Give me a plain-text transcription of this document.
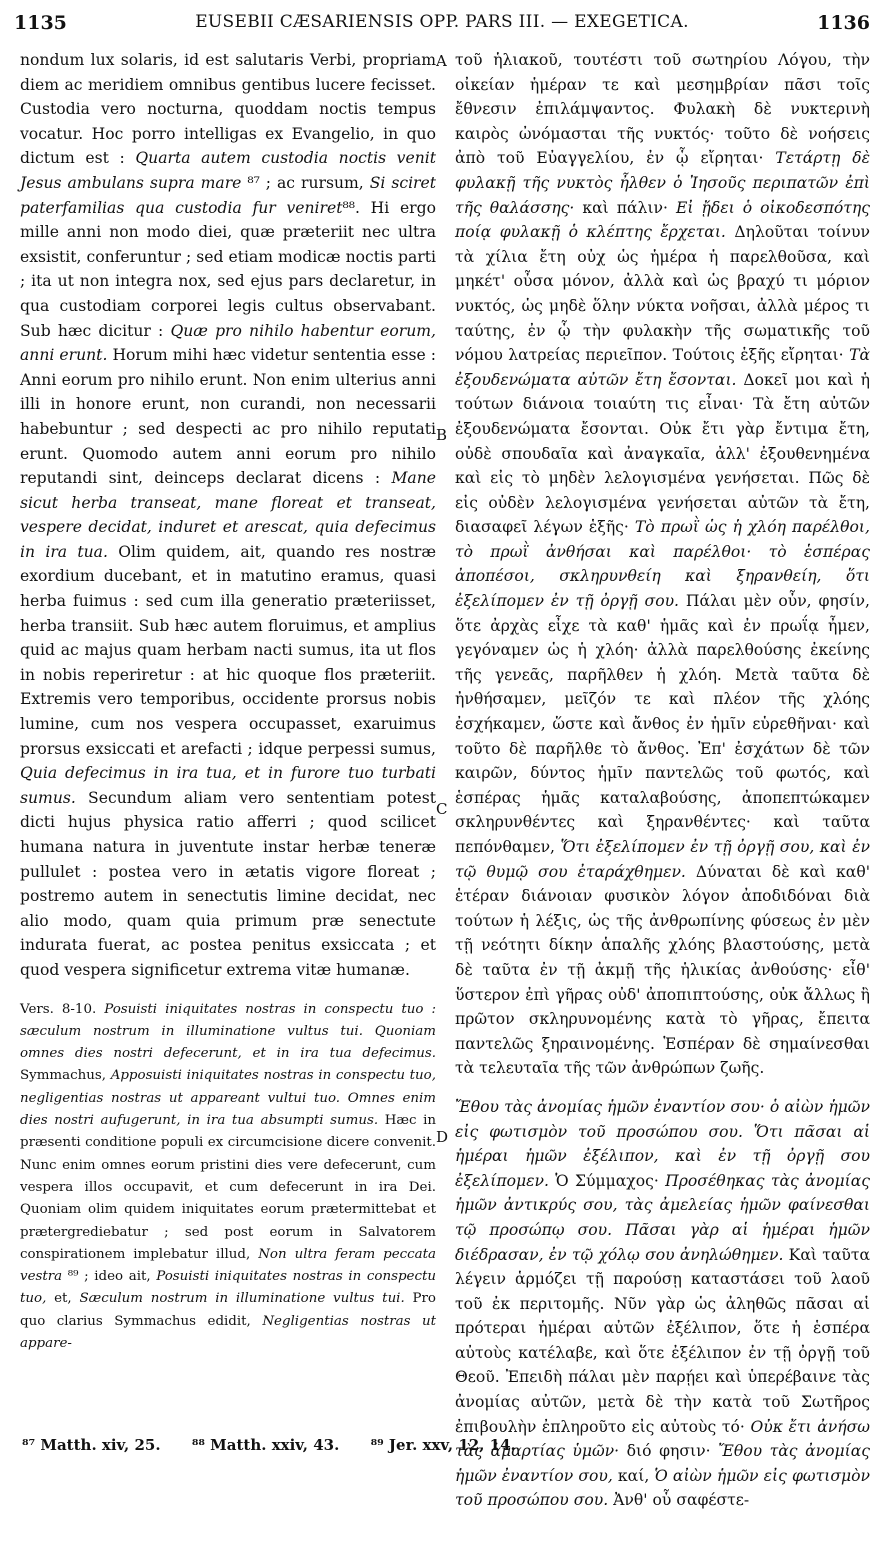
1135	EUSEBII CÆSARIENSIS OPP. PARS III. — EXEGETICA.	1136

nondum lux solaris, id est salutaris Verbi, propriam diem ac meridiem omnibus gentibus lucere fecisset. Custodia vero nocturna, quoddam noctis tempus vocatur. Hoc porro intelligas ex Evangelio, in quo dictum est : Quarta autem custodia noctis venit Jesus ambulans supra mare ⁸⁷ ; ac rursum, Si sciret paterfamilias qua custodia fur veniret⁸⁸. Hi ergo mille anni non modo diei, quæ præteriit nec ultra exsistit, conferuntur ; sed etiam modicæ noctis parti ; ita ut non integra nox, sed ejus pars declaretur, in qua custodiam corporei legis cultus observabant. Sub hæc dicitur : Quæ pro nihilo habentur eorum, anni erunt. Horum mihi hæc videtur sententia esse : Anni eorum pro nihilo erunt. Non enim ulterius anni illi in honore erunt, non curandi, non necessarii habebuntur ; sed despecti ac pro nihilo reputati erunt. Quomodo autem anni eorum pro nihilo reputandi sint, deinceps declarat dicens : Mane sicut herba transeat, mane floreat et transeat, vespere decidat, induret et arescat, quia defecimus in ira tua. Olim quidem, ait, quando res nostræ exordium ducebant, et in matutino eramus, quasi herba fuimus : sed cum illa generatio præteriisset, herba transiit. Sub hæc autem floruimus, et amplius quid ac majus quam herbam nacti sumus, ita ut flos in nobis reperiretur : at hic quoque flos præteriit. Extremis vero temporibus, occidente prorsus nobis lumine, cum nos vespera occupasset, exaruimus prorsus exsiccati et arefacti ; idque perpessi sumus, Quia defecimus in ira tua, et in furore tuo turbati sumus. Secundum aliam vero sententiam potest dicti hujus physica ratio afferri ; quod scilicet humana natura in juventute instar herbæ teneræ pullulet : postea vero in ætatis vigore floreat ; postremo autem in senectutis limine decidat, nec alio modo, quam quia primum præ senectute indurata fuerat, ac postea penitus exsiccata ; et quod vespera significetur extrema vitæ humanæ.

Vers. 8-10. Posuisti iniquitates nostras in conspectu tuo : sæculum nostrum in illuminatione vultus tui. Quoniam omnes dies nostri defecerunt, et in ira tua defecimus. Symmachus, Apposuisti iniquitates nostras in conspectu tuo, negligentias nostras ut appareant vultui tuo. Omnes enim dies nostri aufugerunt, in ira tua absumpti sumus. Hæc in præsenti conditione populi ex circumcisione dicere convenit. Nunc enim omnes eorum pristini dies vere defecerunt, cum vespera illos occupavit, et cum defecerunt in ira Dei. Quoniam olim quidem iniquitates eorum prætermittebat et prætergrediebatur ; sed post eorum in Salvatorem conspirationem implebatur illud, Non ultra feram peccata vestra ⁸⁹ ; ideo ait, Posuisti iniquitates nostras in conspectu tuo, et, Sæculum nostrum in illuminatione vultus tui. Pro quo clarius Symmachus edidit, Negligentias nostras ut appare-

τοῦ ἡλιακοῦ, τουτέστι τοῦ σωτηρίου Λόγου, τὴν οἰκείαν ἡμέραν τε καὶ μεσημβρίαν πᾶσι τοῖς ἔθνεσιν ἐπιλάμψαντος. Φυλακὴ δὲ νυκτερινὴ καιρὸς ὠνόμασται τῆς νυκτός· τοῦτο δὲ νοήσεις ἀπὸ τοῦ Εὐαγγελίου, ἐν ᾧ εἴρηται· Τετάρτῃ δὲ φυλακῇ τῆς νυκτὸς ἦλθεν ὁ Ἰησοῦς περιπατῶν ἐπὶ τῆς θαλάσσης· καὶ πάλιν· Εἰ ᾔδει ὁ οἰκοδεσπότης ποίᾳ φυλακῇ ὁ κλέπτης ἔρχεται. Δηλοῦται τοίνυν τὰ χίλια ἔτη οὐχ ὡς ἡμέρα ἡ παρελθοῦσα, καὶ μηκέτ' οὖσα μόνον, ἀλλὰ καὶ ὡς βραχύ τι μόριον νυκτός, ὡς μηδὲ ὅλην νύκτα νοῆσαι, ἀλλὰ μέρος τι ταύτης, ἐν ᾧ τὴν φυλακὴν τῆς σωματικῆς τοῦ νόμου λατρείας περιεῖπον. Τούτοις ἑξῆς εἴρηται· Τὰ ἐξουδενώματα αὐτῶν ἔτη ἔσονται. Δοκεῖ μοι καὶ ἡ τούτων διάνοια τοιαύτη τις εἶναι· Τὰ ἔτη αὐτῶν ἐξουδενώματα ἔσονται. Οὐκ ἔτι γὰρ ἔντιμα ἔτη, οὐδὲ σπουδαῖα καὶ ἀναγκαῖα, ἀλλ' ἐξουθενημένα καὶ εἰς τὸ μηδὲν λελογισμένα γενήσεται. Πῶς δὲ εἰς οὐδὲν λελογισμένα γενήσεται αὐτῶν τὰ ἔτη, διασαφεῖ λέγων ἑξῆς· Τὸ πρωῒ ὡς ἡ χλόη παρέλθοι, τὸ πρωῒ ἀνθήσαι καὶ παρέλθοι· τὸ ἑσπέρας ἀποπέσοι, σκληρυνθείη καὶ ξηρανθείη, ὅτι ἐξελίπομεν ἐν τῇ ὀργῇ σου. Πάλαι μὲν οὖν, φησίν, ὅτε ἀρχὰς εἶχε τὰ καθ' ἡμᾶς καὶ ἐν πρωΐᾳ ἦμεν, γεγόναμεν ὡς ἡ χλόη· ἀλλὰ παρελθούσης ἐκείνης τῆς γενεᾶς, παρῆλθεν ἡ χλόη. Μετὰ ταῦτα δὲ ἠνθήσαμεν, μεῖζόν τε καὶ πλέον τῆς χλόης ἐσχήκαμεν, ὥστε καὶ ἄνθος ἐν ἡμῖν εὑρεθῆναι· καὶ τοῦτο δὲ παρῆλθε τὸ ἄνθος. Ἐπ' ἐσχάτων δὲ τῶν καιρῶν, δύντος ἡμῖν παντελῶς τοῦ φωτός, καὶ ἑσπέρας ἡμᾶς καταλαβούσης, ἀποπεπτώκαμεν σκληρυνθέντες καὶ ξηρανθέντες· καὶ ταῦτα πεπόνθαμεν, Ὅτι ἐξελίπομεν ἐν τῇ ὀργῇ σου, καὶ ἐν τῷ θυμῷ σου ἐταράχθημεν. Δύναται δὲ καὶ καθ' ἑτέραν διάνοιαν φυσικὸν λόγον ἀποδιδόναι διὰ τούτων ἡ λέξις, ὡς τῆς ἀνθρωπίνης φύσεως ἐν μὲν τῇ νεότητι δίκην ἁπαλῆς χλόης βλαστούσης, μετὰ δὲ ταῦτα ἐν τῇ ἀκμῇ τῆς ἡλικίας ἀνθούσης· εἶθ' ὕστερον ἐπὶ γῆρας οὐδ' ἀποπιπτούσης, οὐκ ἄλλως ἢ πρῶτον σκληρυνομένης κατὰ τὸ γῆρας, ἔπειτα παντελῶς ξηραινομένης. Ἑσπέραν δὲ σημαίνεσθαι τὰ τελευταῖα τῆς τῶν ἀνθρώπων ζωῆς.

Ἔθου τὰς ἀνομίας ἡμῶν ἐναντίον σου· ὁ αἰὼν ἡμῶν εἰς φωτισμὸν τοῦ προσώπου σου. Ὅτι πᾶσαι αἱ ἡμέραι ἡμῶν ἐξέλιπον, καὶ ἐν τῇ ὀργῇ σου ἐξελίπομεν. Ὁ Σύμμαχος· Προσέθηκας τὰς ἀνομίας ἡμῶν ἀντικρύς σου, τὰς ἀμελείας ἡμῶν φαίνεσθαι τῷ προσώπῳ σου. Πᾶσαι γὰρ αἱ ἡμέραι ἡμῶν διέδρασαν, ἐν τῷ χόλῳ σου ἀνηλώθημεν. Καὶ ταῦτα λέγειν ἁρμόζει τῇ παρούσῃ καταστάσει τοῦ λαοῦ τοῦ ἐκ περιτομῆς. Νῦν γὰρ ὡς ἀληθῶς πᾶσαι αἱ πρότεραι ἡμέραι αὐτῶν ἐξέλιπον, ὅτε ἡ ἑσπέρα αὐτοὺς κατέλαβε, καὶ ὅτε ἐξέλιπον ἐν τῇ ὀργῇ τοῦ Θεοῦ. Ἐπειδὴ πάλαι μὲν παρῄει καὶ ὑπερέβαινε τὰς ἀνομίας αὐτῶν, μετὰ δὲ τὴν κατὰ τοῦ Σωτῆρος ἐπιβουλὴν ἐπληροῦτο εἰς αὐτοὺς τό· Οὐκ ἔτι ἀνήσω τὰς ἁμαρτίας ὑμῶν· διό φησιν· Ἔθου τὰς ἀνομίας ἡμῶν ἐναντίον σου, καί, Ὁ αἰὼν ἡμῶν εἰς φωτισμὸν τοῦ προσώπου σου. Ἀνθ' οὗ σαφέστε-

A
B
C
D
⁸⁷ Matth. xiv, 25. ⁸⁸ Matth. xxiv, 43. ⁸⁹ Jer. xxv, 12, 14.
